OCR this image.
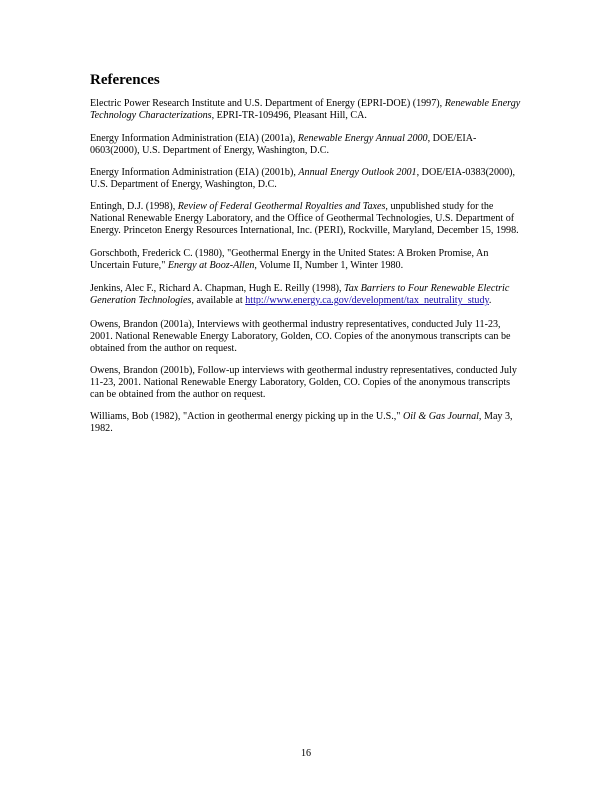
References
Electric Power Research Institute and U.S. Department of Energy (EPRI-DOE) (1997), Renewable Energy
Technology Characterizations, EPRI-TR-109496, Pleasant Hill, CA.
Energy Information Administration (EIA) (2001a), Renewable Energy Annual 2000, DOE/EIA-
0603(2000), U.S. Department of Energy, Washington, D.C.
Energy Information Administration (EIA) (2001b), Annual Energy Outlook 2001, DOE/EIA-0383(2000),
U.S. Department of Energy, Washington, D.C.
Entingh, D.J. (1998), Review of Federal Geothermal Royalties and Taxes, unpublished study for the
National Renewable Energy Laboratory, and the Office of Geothermal Technologies, U.S. Department of
Energy. Princeton Energy Resources International, Inc. (PERI), Rockville, Maryland, December 15, 1998.
Gorschboth, Frederick C. (1980), "Geothermal Energy in the United States: A Broken Promise, An
Uncertain Future," Energy at Booz-Allen, Volume II, Number 1, Winter 1980.
Jenkins, Alec F., Richard A. Chapman, Hugh E. Reilly (1998), Tax Barriers to Four Renewable Electric
Generation Technologies, available at http://www.energy.ca.gov/development/tax_neutrality_study.
Owens, Brandon (2001a), Interviews with geothermal industry representatives, conducted July 11-23,
2001. National Renewable Energy Laboratory, Golden, CO. Copies of the anonymous transcripts can be
obtained from the author on request.
Owens, Brandon (2001b), Follow-up interviews with geothermal industry representatives, conducted July
11-23, 2001. National Renewable Energy Laboratory, Golden, CO. Copies of the anonymous transcripts
can be obtained from the author on request.
Williams, Bob (1982), "Action in geothermal energy picking up in the U.S.," Oil & Gas Journal, May 3,
1982.
16
